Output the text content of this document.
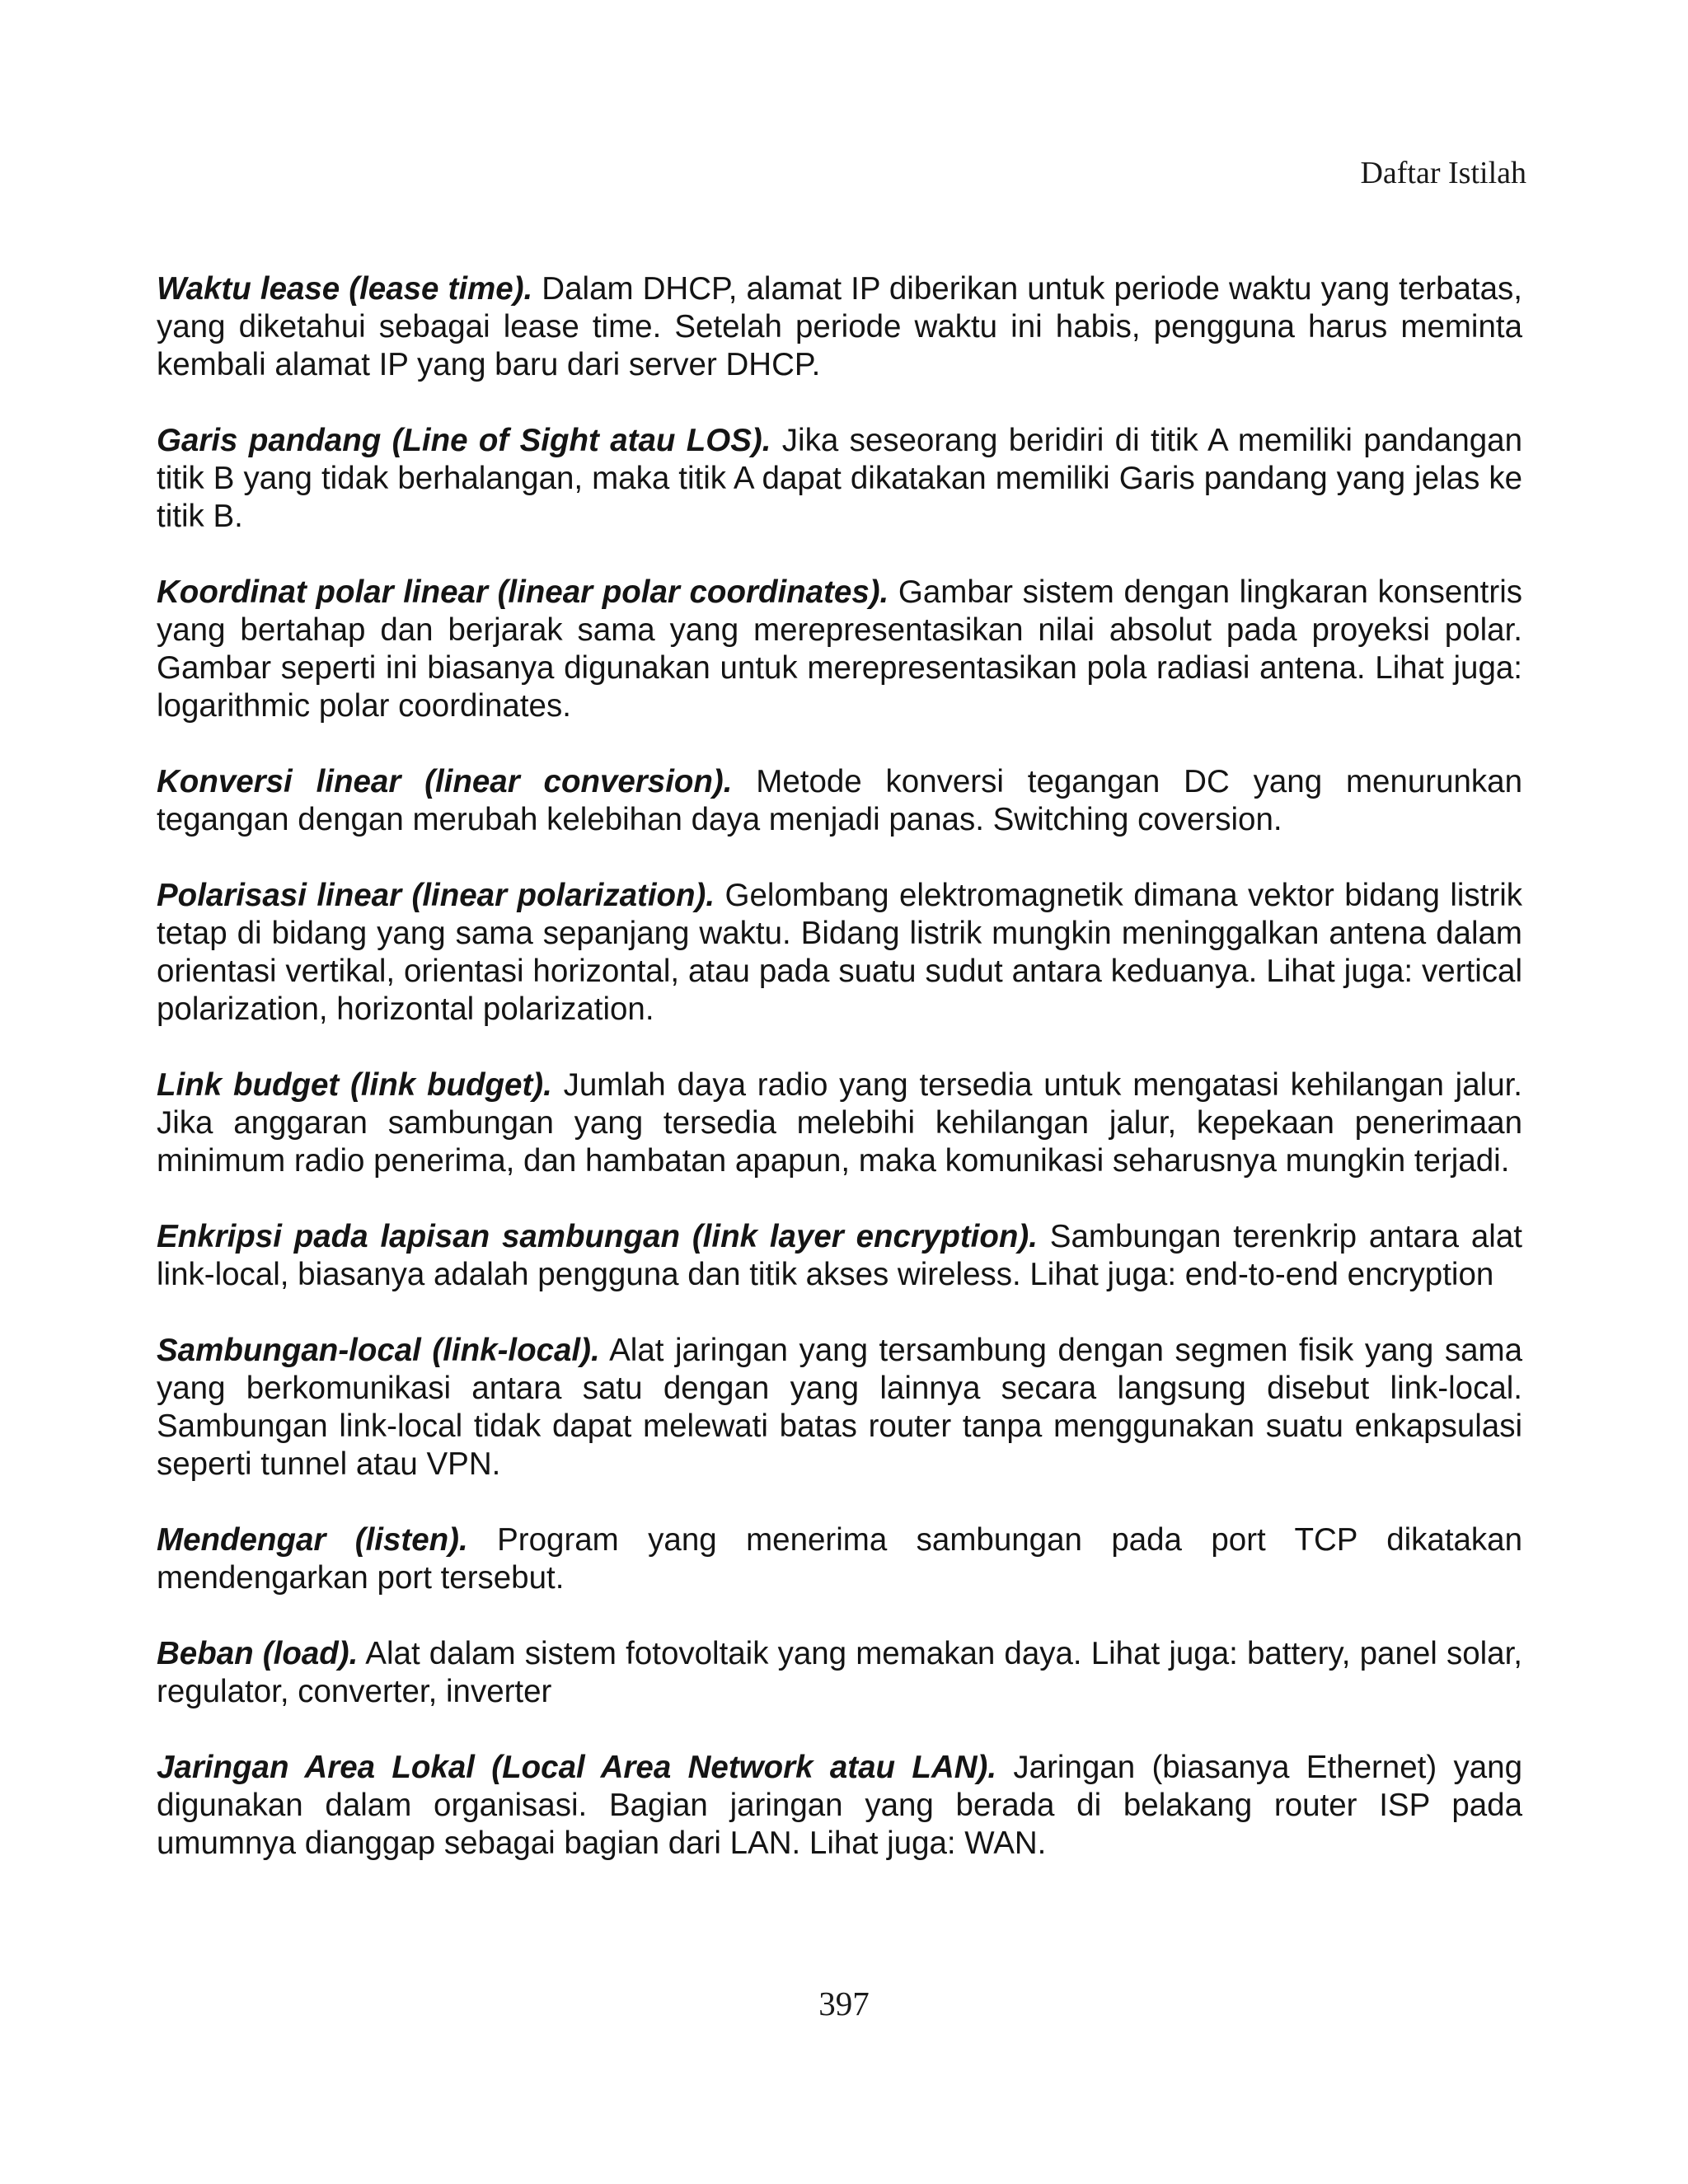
Daftar Istilah

Waktu lease (lease time). Dalam DHCP, alamat IP diberikan untuk periode waktu yang terbatas, yang diketahui sebagai lease time. Setelah periode waktu ini habis, pengguna harus meminta kembali alamat IP yang baru dari server DHCP.

Garis pandang (Line of Sight atau LOS). Jika seseorang beridiri di titik A memiliki pandangan titik B yang tidak berhalangan, maka titik A dapat dikatakan memiliki Garis pandang yang jelas ke titik B.

Koordinat polar linear (linear polar coordinates). Gambar sistem dengan lingkaran konsentris yang bertahap dan berjarak sama yang merepresentasikan nilai absolut pada proyeksi polar. Gambar seperti ini biasanya digunakan untuk merepresentasikan pola radiasi antena. Lihat juga: logarithmic polar coordinates.

Konversi linear (linear conversion). Metode konversi tegangan DC yang menurunkan tegangan dengan merubah kelebihan daya menjadi panas. Switching coversion.

Polarisasi linear (linear polarization). Gelombang elektromagnetik dimana vektor bidang listrik tetap di bidang yang sama sepanjang waktu. Bidang listrik mungkin meninggalkan antena dalam orientasi vertikal, orientasi horizontal, atau pada suatu sudut antara keduanya. Lihat juga: vertical polarization, horizontal polarization.

Link budget (link budget). Jumlah daya radio yang tersedia untuk mengatasi kehilangan jalur. Jika anggaran sambungan yang tersedia melebihi kehilangan jalur, kepekaan penerimaan minimum radio penerima, dan hambatan apapun, maka komunikasi seharusnya mungkin terjadi.

Enkripsi pada lapisan sambungan (link layer encryption). Sambungan terenkrip antara alat link-local, biasanya adalah pengguna dan titik akses wireless. Lihat juga: end-to-end encryption

Sambungan-local (link-local). Alat jaringan yang tersambung dengan segmen fisik yang sama yang berkomunikasi antara satu dengan yang lainnya secara langsung disebut link-local. Sambungan link-local tidak dapat melewati batas router tanpa menggunakan suatu enkapsulasi seperti tunnel atau VPN.

Mendengar (listen). Program yang menerima sambungan pada port TCP dikatakan mendengarkan port tersebut.

Beban (load). Alat dalam sistem fotovoltaik yang memakan daya. Lihat juga: battery, panel solar, regulator, converter, inverter

Jaringan Area Lokal (Local Area Network atau LAN). Jaringan (biasanya Ethernet) yang digunakan dalam organisasi. Bagian jaringan yang berada di belakang router ISP pada umumnya dianggap sebagai bagian dari LAN. Lihat juga: WAN.

397
